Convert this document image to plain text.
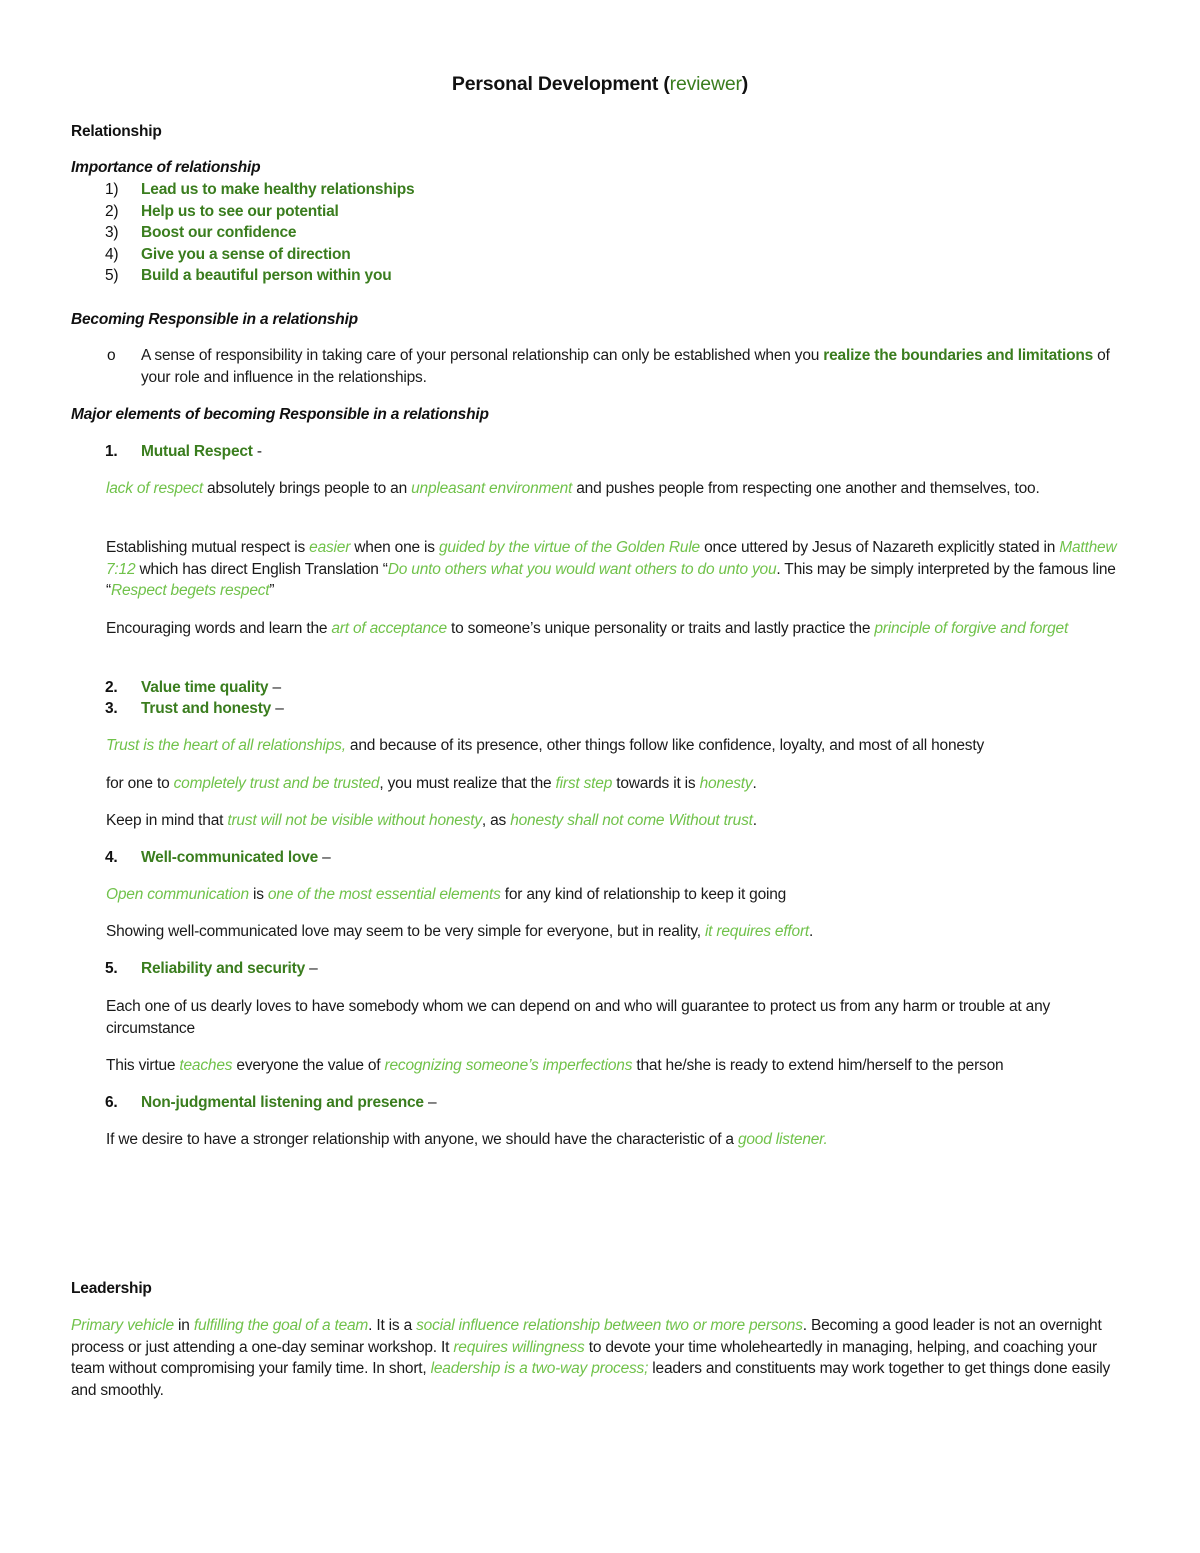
Personal Development (reviewer)
Relationship
Importance of relationship
1) Lead us to make healthy relationships
2) Help us to see our potential
3) Boost our confidence
4) Give you a sense of direction
5) Build a beautiful person within you
Becoming Responsible in a relationship
o A sense of responsibility in taking care of your personal relationship can only be established when you realize the boundaries and limitations of your role and influence in the relationships.
Major elements of becoming Responsible in a relationship
1. Mutual Respect -
lack of respect absolutely brings people to an unpleasant environment and pushes people from respecting one another and themselves, too.
Establishing mutual respect is easier when one is guided by the virtue of the Golden Rule once uttered by Jesus of Nazareth explicitly stated in Matthew 7:12 which has direct English Translation “Do unto others what you would want others to do unto you. This may be simply interpreted by the famous line “Respect begets respect”
Encouraging words and learn the art of acceptance to someone’s unique personality or traits and lastly practice the principle of forgive and forget
2. Value time quality –
3. Trust and honesty –
Trust is the heart of all relationships, and because of its presence, other things follow like confidence, loyalty, and most of all honesty
for one to completely trust and be trusted, you must realize that the first step towards it is honesty.
Keep in mind that trust will not be visible without honesty, as honesty shall not come Without trust.
4. Well-communicated love –
Open communication is one of the most essential elements for any kind of relationship to keep it going
Showing well-communicated love may seem to be very simple for everyone, but in reality, it requires effort.
5. Reliability and security –
Each one of us dearly loves to have somebody whom we can depend on and who will guarantee to protect us from any harm or trouble at any circumstance
This virtue teaches everyone the value of recognizing someone’s imperfections that he/she is ready to extend him/herself to the person
6. Non-judgmental listening and presence –
If we desire to have a stronger relationship with anyone, we should have the characteristic of a good listener.
Leadership
Primary vehicle in fulfilling the goal of a team. It is a social influence relationship between two or more persons. Becoming a good leader is not an overnight process or just attending a one-day seminar workshop. It requires willingness to devote your time wholeheartedly in managing, helping, and coaching your team without compromising your family time. In short, leadership is a two-way process; leaders and constituents may work together to get things done easily and smoothly.
